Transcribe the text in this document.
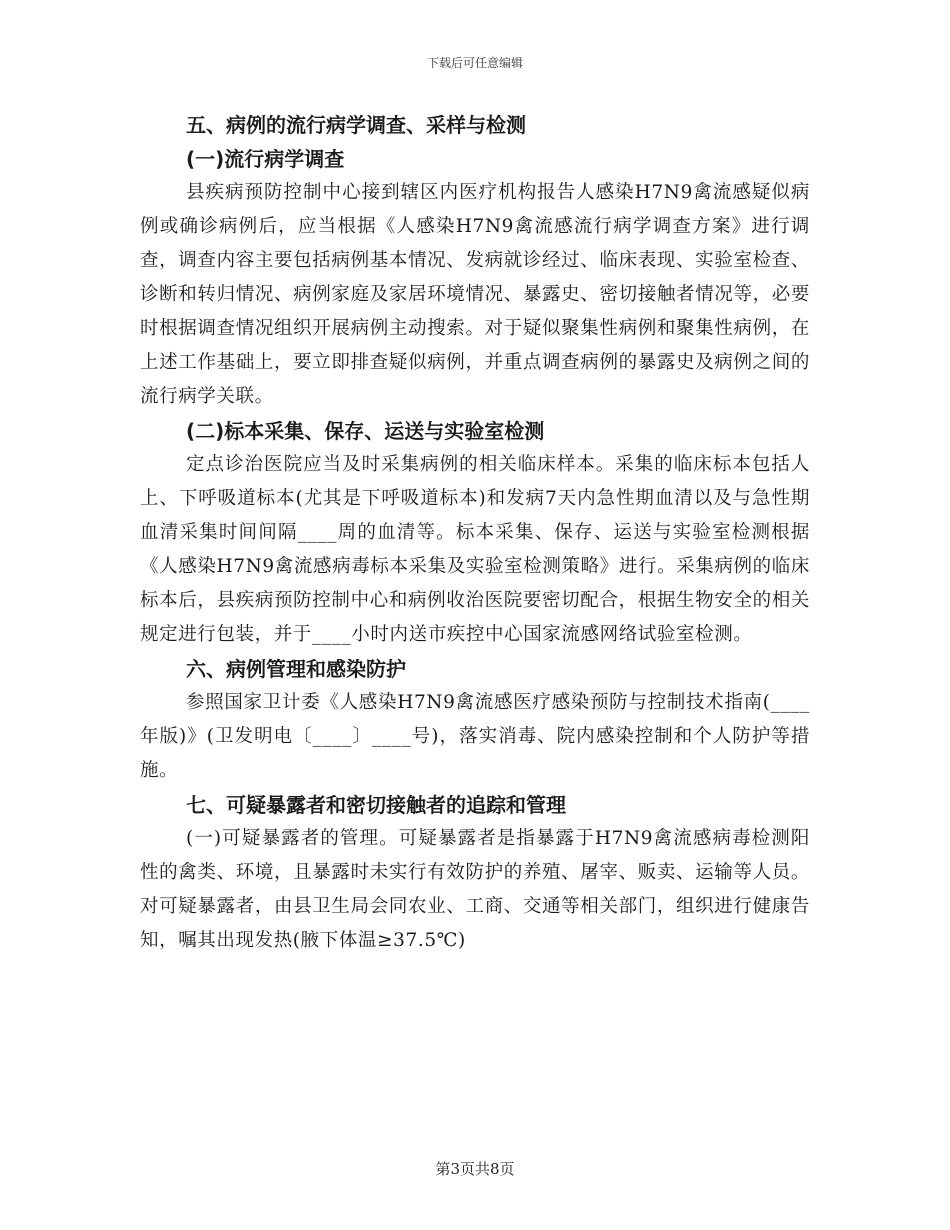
下载后可任意编辑
五、病例的流行病学调查、采样与检测
(一)流行病学调查

县疾病预防控制中心接到辖区内医疗机构报告人感染H7N9禽流感疑似病例或确诊病例后，应当根据《人感染H7N9禽流感流行病学调查方案》进行调查，调查内容主要包括病例基本情况、发病就诊经过、临床表现、实验室检查、诊断和转归情况、病例家庭及家居环境情况、暴露史、密切接触者情况等，必要时根据调查情况组织开展病例主动搜索。对于疑似聚集性病例和聚集性病例，在上述工作基础上，要立即排查疑似病例，并重点调查病例的暴露史及病例之间的流行病学关联。

(二)标本采集、保存、运送与实验室检测

定点诊治医院应当及时采集病例的相关临床样本。采集的临床标本包括人上、下呼吸道标本(尤其是下呼吸道标本)和发病7天内急性期血清以及与急性期血清采集时间间隔____周的血清等。标本采集、保存、运送与实验室检测根据《人感染H7N9禽流感病毒标本采集及实验室检测策略》进行。采集病例的临床标本后，县疾病预防控制中心和病例收治医院要密切配合，根据生物安全的相关规定进行包装，并于____小时内送市疾控中心国家流感网络试验室检测。

六、病例管理和感染防护

参照国家卫计委《人感染H7N9禽流感医疗感染预防与控制技术指南(____年版)》(卫发明电〔____〕____号)，落实消毒、院内感染控制和个人防护等措施。

七、可疑暴露者和密切接触者的追踪和管理

(一)可疑暴露者的管理。可疑暴露者是指暴露于H7N9禽流感病毒检测阳性的禽类、环境，且暴露时未实行有效防护的养殖、屠宰、贩卖、运输等人员。对可疑暴露者，由县卫生局会同农业、工商、交通等相关部门，组织进行健康告知，嘱其出现发热(腋下体温≥37.5℃)

第3页共8页
